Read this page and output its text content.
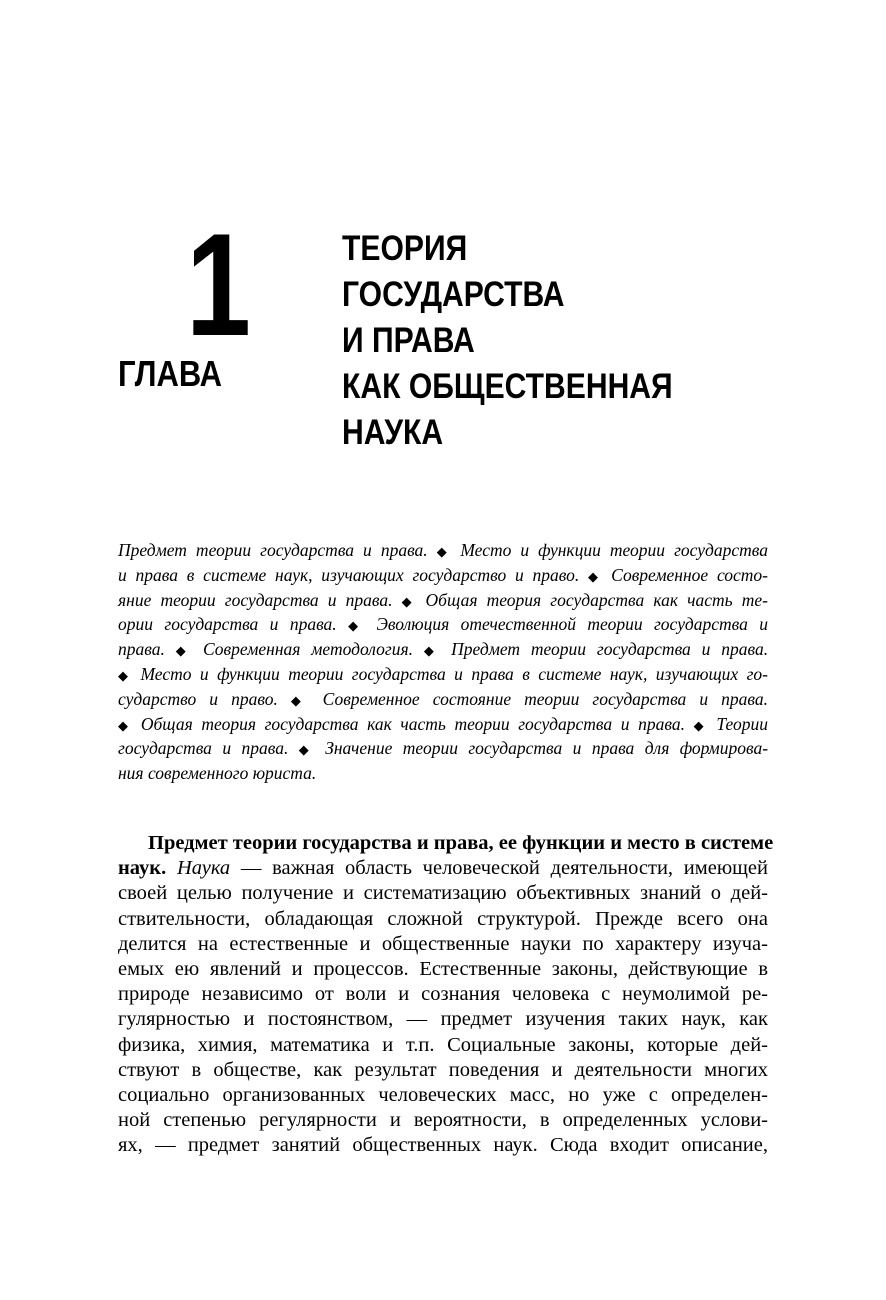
1
ГЛАВА
ТЕОРИЯ
ГОСУДАРСТВА
И ПРАВА
КАК ОБЩЕСТВЕННАЯ
НАУКА
Предмет теории государства и права. ◆ Место и функции теории государства
и права в системе наук, изучающих государство и право. ◆ Современное состо-
яние теории государства и права. ◆ Общая теория государства как часть те-
ории государства и права. ◆ Эволюция отечественной теории государства и
права. ◆ Современная методология. ◆ Предмет теории государства и права.
◆ Место и функции теории государства и права в системе наук, изучающих го-
сударство и право. ◆ Современное состояние теории государства и права.
◆ Общая теория государства как часть теории государства и права. ◆ Теории
государства и права. ◆ Значение теории государства и права для формирова-
ния современного юриста.
Предмет теории государства и права, ее функции и место в системе
наук. Наука — важная область человеческой деятельности, имеющей
своей целью получение и систематизацию объективных знаний о дей-
ствительности, обладающая сложной структурой. Прежде всего она
делится на естественные и общественные науки по характеру изуча-
емых ею явлений и процессов. Естественные законы, действующие в
природе независимо от воли и сознания человека с неумолимой ре-
гулярностью и постоянством, — предмет изучения таких наук, как
физика, химия, математика и т.п. Социальные законы, которые дей-
ствуют в обществе, как результат поведения и деятельности многих
социально организованных человеческих масс, но уже с определен-
ной степенью регулярности и вероятности, в определенных услови-
ях, — предмет занятий общественных наук. Сюда входит описание,
